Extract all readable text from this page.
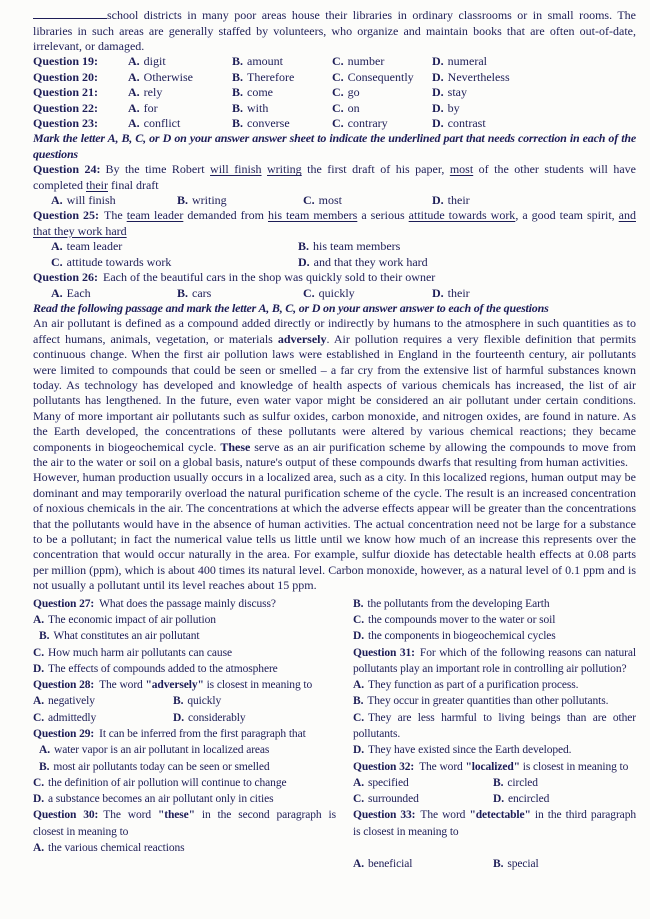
school districts in many poor areas house their libraries in ordinary classrooms or in small rooms. The libraries in such areas are generally staffed by volunteers, who organize and maintain books that are often out-of-date, irrelevant, or damaged.

Question 19:	A. digit	B. amount	C. number	D. numeral
Question 20:	A. Otherwise	B. Therefore	C. Consequently	D. Nevertheless
Question 21:	A. rely	B. come	C. go	D. stay
Question 22:	A. for	B. with	C. on	D. by
Question 23:	A. conflict	B. converse	C. contrary	D. contrast

Mark the letter A, B, C, or D on your answer answer sheet to indicate the underlined part that needs correction in each of the questions

Question 24: By the time Robert will finish writing the first draft of his paper, most of the other students will have completed their final draft

A. will finish	B. writing	C. most	D. their

Question 25: The team leader demanded from his team members a serious attitude towards work, a good team spirit, and that they work hard

A. team leader	B. his team members
C. attitude towards work	D. and that they work hard

Question 26: Each of the beautiful cars in the shop was quickly sold to their owner

A. Each	B. cars	C. quickly	D. their

Read the following passage and mark the letter A, B, C, or D on your answer answer to each of the questions

An air pollutant is defined as a compound added directly or indirectly by humans to the atmosphere in such quantities as to affect humans, animals, vegetation, or materials adversely. Air pollution requires a very flexible definition that permits continuous change. When the first air pollution laws were established in England in the fourteenth century, air pollutants were limited to compounds that could be seen or smelled – a far cry from the extensive list of harmful substances known today. As technology has developed and knowledge of health aspects of various chemicals has increased, the list of air pollutants has lengthened. In the future, even water vapor might be considered an air pollutant under certain conditions. Many of more important air pollutants such as sulfur oxides, carbon monoxide, and nitrogen oxides, are found in nature. As the Earth developed, the concentrations of these pollutants were altered by various chemical reactions; they became components in biogeochemical cycle. These serve as an air purification scheme by allowing the compounds to move from the air to the water or soil on a global basis, nature's output of these compounds dwarfs that resulting from human activities.

However, human production usually occurs in a localized area, such as a city. In this localized regions, human output may be dominant and may temporarily overload the natural purification scheme of the cycle. The result is an increased concentration of noxious chemicals in the air. The concentrations at which the adverse effects appear will be greater than the concentrations that the pollutants would have in the absence of human activities. The actual concentration need not be large for a substance to be a pollutant; in fact the numerical value tells us little until we know how much of an increase this represents over the concentration that would occur naturally in the area. For example, sulfur dioxide has detectable health effects at 0.08 parts per million (ppm), which is about 400 times its natural level. Carbon monoxide, however, as a natural level of 0.1 ppm and is not usually a pollutant until its level reaches about 15 ppm.

Question 27: What does the passage mainly discuss?

A. The economic impact of air pollution
B. What constitutes an air pollutant
C. How much harm air pollutants can cause
D. The effects of compounds added to the atmosphere

Question 28: The word "adversely" is closest in meaning to

A. negatively	B. quickly
C. admittedly	D. considerably

Question 29: It can be inferred from the first paragraph that

A. water vapor is an air pollutant in localized areas
B. most air pollutants today can be seen or smelled
C. the definition of air pollution will continue to change
D. a substance becomes an air pollutant only in cities

Question 30: The word "these" in the second paragraph is closest in meaning to

A. the various chemical reactions
B. the pollutants from the developing Earth
C. the compounds mover to the water or soil
D. the components in biogeochemical cycles

Question 31: For which of the following reasons can natural pollutants play an important role in controlling air pollution?

A. They function as part of a purification process.
B. They occur in greater quantities than other pollutants.
C. They are less harmful to living beings than are other pollutants.
D. They have existed since the Earth developed.

Question 32: The word "localized" is closest in meaning to

A. specified	B. circled
C. surrounded	D. encircled

Question 33: The word "detectable" in the third paragraph is closest in meaning to

A. beneficial	B. special
